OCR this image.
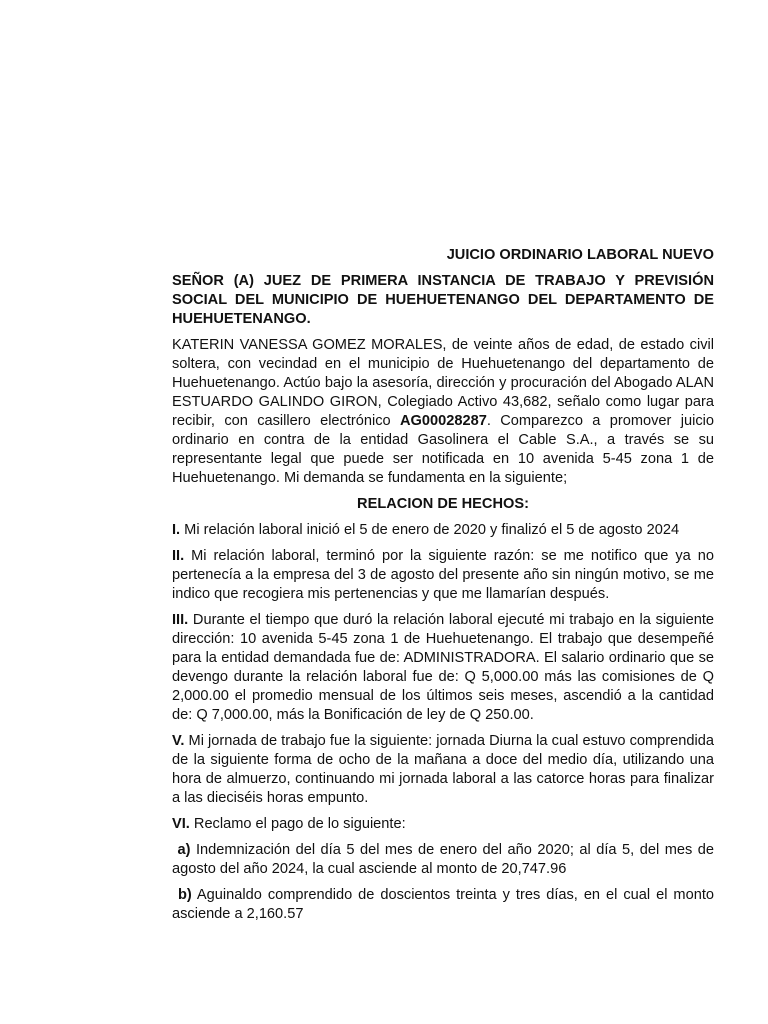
JUICIO ORDINARIO LABORAL NUEVO

SEÑOR (A) JUEZ DE PRIMERA INSTANCIA DE TRABAJO Y PREVISIÓN SOCIAL DEL MUNICIPIO DE HUEHUETENANGO DEL DEPARTAMENTO DE HUEHUETENANGO.

KATERIN VANESSA GOMEZ MORALES, de veinte años de edad, de estado civil soltera, con vecindad en el municipio de Huehuetenango del departamento de Huehuetenango. Actúo bajo la asesoría, dirección y procuración del Abogado ALAN ESTUARDO GALINDO GIRON, Colegiado Activo 43,682, señalo como lugar para recibir, con casillero electrónico AG00028287. Comparezco a promover juicio ordinario en contra de la entidad Gasolinera el Cable S.A., a través se su representante legal que puede ser notificada en 10 avenida 5-45 zona 1 de Huehuetenango. Mi demanda se fundamenta en la siguiente;

RELACION DE HECHOS:

I. Mi relación laboral inició el 5 de enero de 2020 y finalizó el 5 de agosto 2024

II. Mi relación laboral, terminó por la siguiente razón: se me notifico que ya no pertenecía a la empresa del 3 de agosto del presente año sin ningún motivo, se me indico que recogiera mis pertenencias y que me llamarían después.

III. Durante el tiempo que duró la relación laboral ejecuté mi trabajo en la siguiente dirección: 10 avenida 5-45 zona 1 de Huehuetenango. El trabajo que desempeñé para la entidad demandada fue de: ADMINISTRADORA. El salario ordinario que se devengo durante la relación laboral fue de: Q 5,000.00 más las comisiones de Q 2,000.00 el promedio mensual de los últimos seis meses, ascendió a la cantidad de: Q 7,000.00, más la Bonificación de ley de Q 250.00.

V. Mi jornada de trabajo fue la siguiente: jornada Diurna la cual estuvo comprendida de la siguiente forma de ocho de la mañana a doce del medio día, utilizando una hora de almuerzo, continuando mi jornada laboral a las catorce horas para finalizar a las dieciséis horas empunto.

VI. Reclamo el pago de lo siguiente:

a) Indemnización del día 5 del mes de enero del año 2020; al día 5, del mes de agosto del año 2024, la cual asciende al monto de 20,747.96

b) Aguinaldo comprendido de doscientos treinta y tres días, en el cual el monto asciende a 2,160.57
